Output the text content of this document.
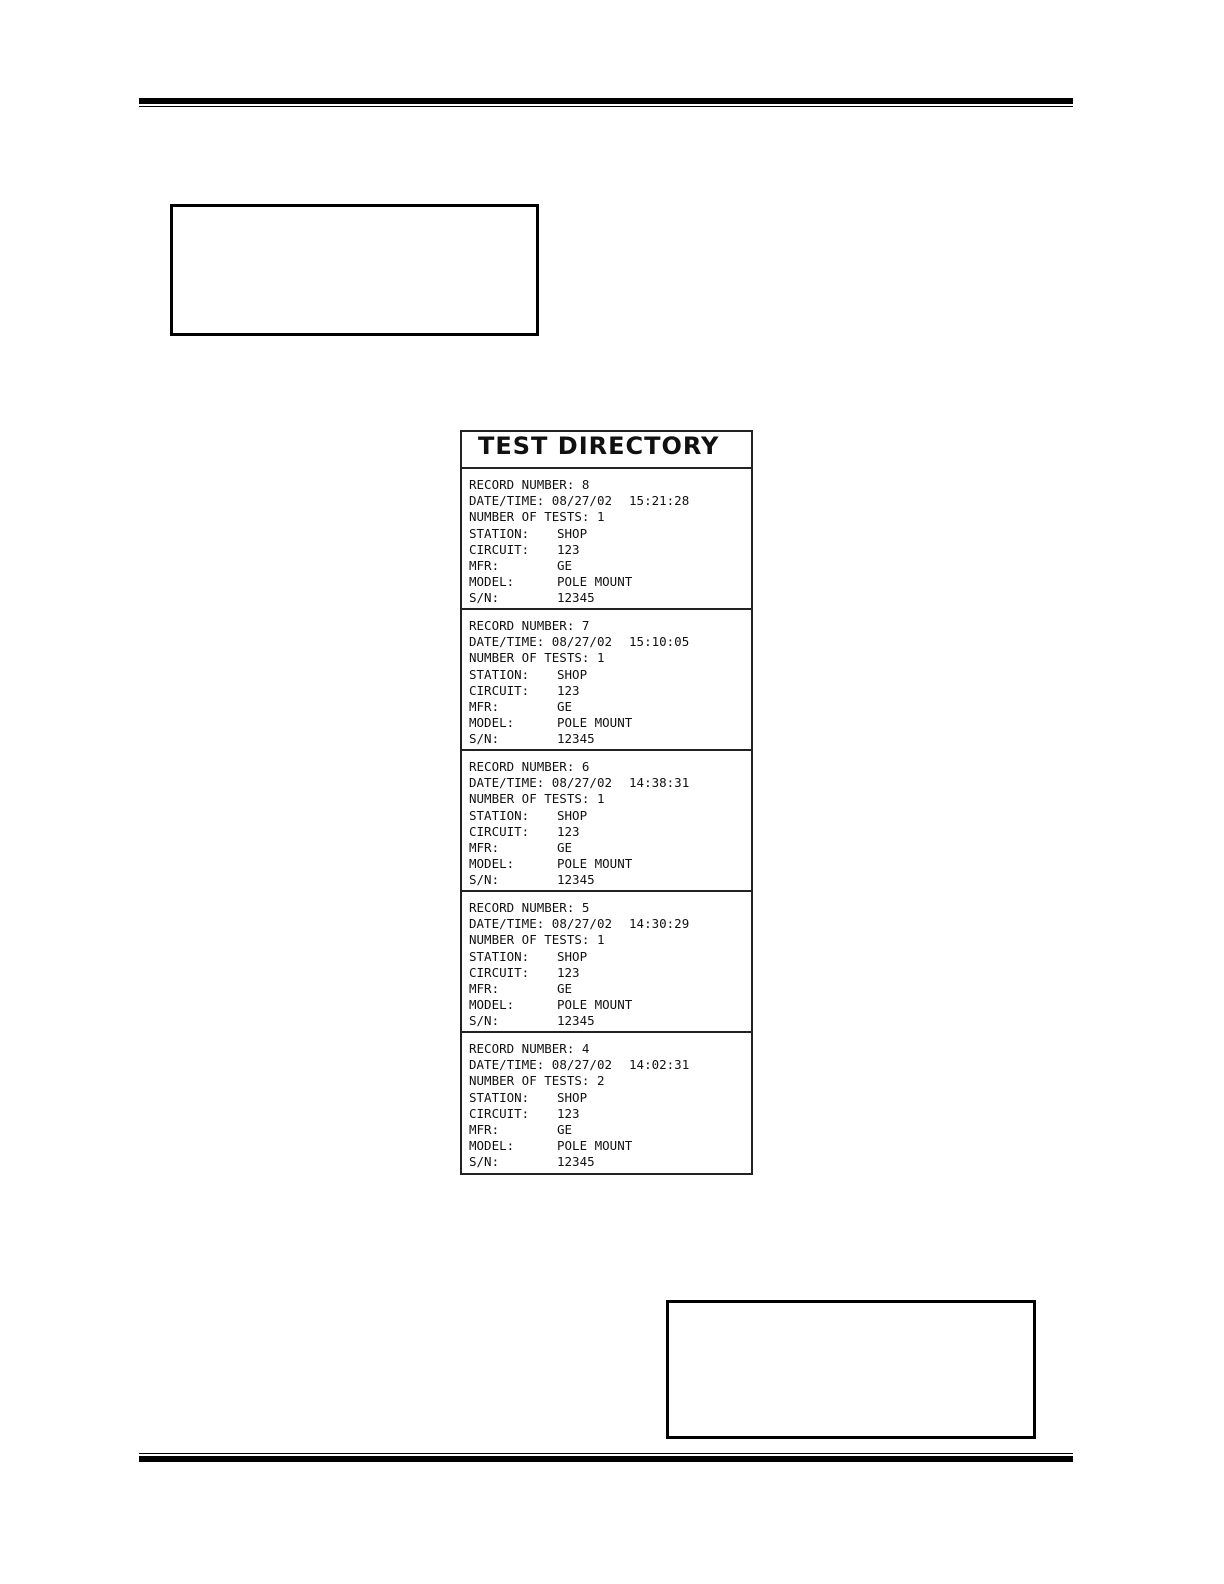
TEST DIRECTORY
RECORD NUMBER:
8
DATE/TIME:
08/27/02 15:21:28
NUMBER OF TESTS:
1
STATION:	SHOP
CIRCUIT:	123
MFR:	GE
MODEL:	POLE MOUNT
S/N:	12345
RECORD NUMBER:
7
DATE/TIME:
08/27/02 15:10:05
NUMBER OF TESTS:
1
STATION:	SHOP
CIRCUIT:	123
MFR:	GE
MODEL:	POLE MOUNT
S/N:	12345
RECORD NUMBER:
6
DATE/TIME:
08/27/02 14:38:31
NUMBER OF TESTS:
1
STATION:	SHOP
CIRCUIT:	123
MFR:	GE
MODEL:	POLE MOUNT
S/N:	12345
RECORD NUMBER:
5
DATE/TIME:
08/27/02 14:30:29
NUMBER OF TESTS:
1
STATION:	SHOP
CIRCUIT:	123
MFR:	GE
MODEL:	POLE MOUNT
S/N:	12345
RECORD NUMBER:
4
DATE/TIME:
08/27/02 14:02:31
NUMBER OF TESTS:
2
STATION:	SHOP
CIRCUIT:	123
MFR:	GE
MODEL:	POLE MOUNT
S/N:	12345
